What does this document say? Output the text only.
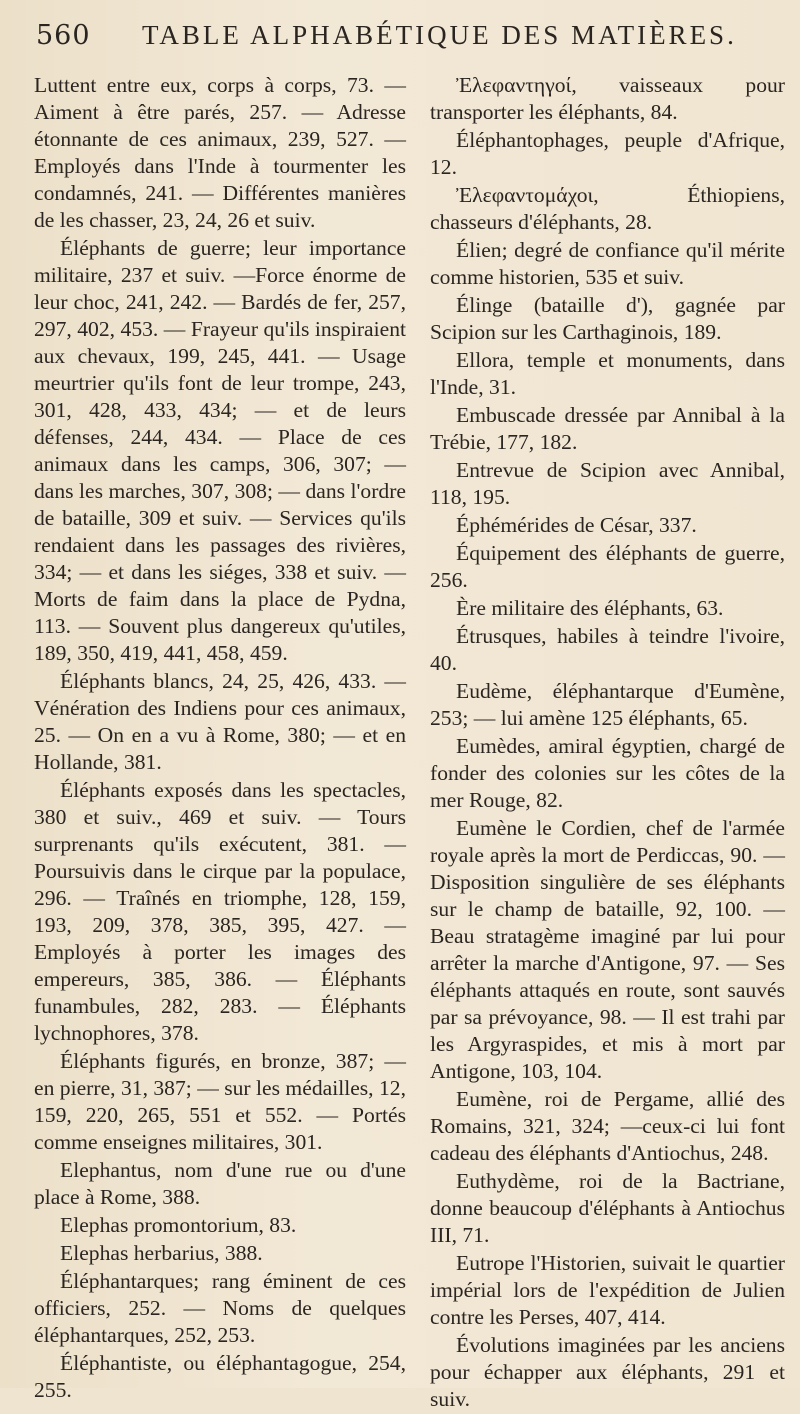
560 TABLE ALPHABÉTIQUE DES MATIÈRES.

Luttent entre eux, corps à corps, 73. —Aiment à être parés, 257. — Adresse étonnante de ces animaux, 239, 527. — Employés dans l'Inde à tourmenter les condamnés, 241. — Différentes manières de les chasser, 23, 24, 26 et suiv.

Éléphants de guerre; leur importance militaire, 237 et suiv. —Force énorme de leur choc, 241, 242. — Bardés de fer, 257, 297, 402, 453. — Frayeur qu'ils inspiraient aux chevaux, 199, 245, 441. — Usage meurtrier qu'ils font de leur trompe, 243, 301, 428, 433, 434; — et de leurs défenses, 244, 434. — Place de ces animaux dans les camps, 306, 307; — dans les marches, 307, 308; — dans l'ordre de bataille, 309 et suiv. — Services qu'ils rendaient dans les passages des rivières, 334; — et dans les siéges, 338 et suiv. — Morts de faim dans la place de Pydna, 113. — Souvent plus dangereux qu'utiles, 189, 350, 419, 441, 458, 459.

Éléphants blancs, 24, 25, 426, 433. — Vénération des Indiens pour ces animaux, 25. — On en a vu à Rome, 380; — et en Hollande, 381.

Éléphants exposés dans les spectacles, 380 et suiv., 469 et suiv. — Tours surprenants qu'ils exécutent, 381. — Poursuivis dans le cirque par la populace, 296. — Traînés en triomphe, 128, 159, 193, 209, 378, 385, 395, 427. — Employés à porter les images des empereurs, 385, 386. — Éléphants funambules, 282, 283. — Éléphants lychnophores, 378.

Éléphants figurés, en bronze, 387; — en pierre, 31, 387; — sur les médailles, 12, 159, 220, 265, 551 et 552. — Portés comme enseignes militaires, 301.

Elephantus, nom d'une rue ou d'une place à Rome, 388.

Elephas promontorium, 83.

Elephas herbarius, 388.

Éléphantarques; rang éminent de ces officiers, 252. — Noms de quelques éléphantarques, 252, 253.

Éléphantiste, ou éléphantagogue, 254, 255.

Ἐλεφαντηγοί, vaisseaux pour transporter les éléphants, 84.

Éléphantophages, peuple d'Afrique, 12.

Ἐλεφαντομάχοι, Éthiopiens, chasseurs d'éléphants, 28.

Élien; degré de confiance qu'il mérite comme historien, 535 et suiv.

Élinge (bataille d'), gagnée par Scipion sur les Carthaginois, 189.

Ellora, temple et monuments, dans l'Inde, 31.

Embuscade dressée par Annibal à la Trébie, 177, 182.

Entrevue de Scipion avec Annibal, 118, 195.

Éphémérides de César, 337.

Équipement des éléphants de guerre, 256.

Ère militaire des éléphants, 63.

Étrusques, habiles à teindre l'ivoire, 40.

Eudème, éléphantarque d'Eumène, 253; — lui amène 125 éléphants, 65.

Eumèdes, amiral égyptien, chargé de fonder des colonies sur les côtes de la mer Rouge, 82.

Eumène le Cordien, chef de l'armée royale après la mort de Perdiccas, 90. — Disposition singulière de ses éléphants sur le champ de bataille, 92, 100. — Beau stratagème imaginé par lui pour arrêter la marche d'Antigone, 97. — Ses éléphants attaqués en route, sont sauvés par sa prévoyance, 98. — Il est trahi par les Argyraspides, et mis à mort par Antigone, 103, 104.

Eumène, roi de Pergame, allié des Romains, 321, 324; —ceux-ci lui font cadeau des éléphants d'Antiochus, 248.

Euthydème, roi de la Bactriane, donne beaucoup d'éléphants à Antiochus III, 71.

Eutrope l'Historien, suivait le quartier impérial lors de l'expédition de Julien contre les Perses, 407, 414.

Évolutions imaginées par les anciens pour échapper aux éléphants, 291 et suiv.
